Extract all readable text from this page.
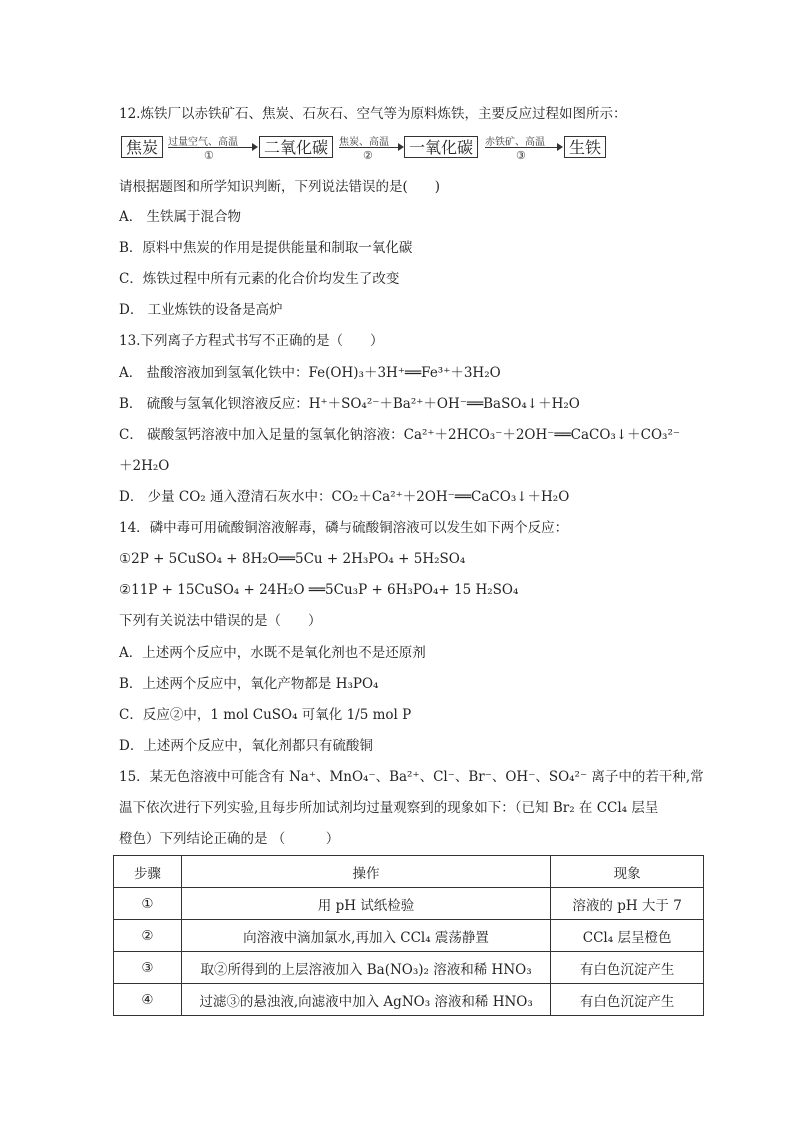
12.炼铁厂以赤铁矿石、焦炭、石灰石、空气等为原料炼铁，主要反应过程如图所示：
焦炭 过量空气、高温
①	二氧化碳	焦炭、高温
②	一氧化碳	赤铁矿、高温
③	生铁
请根据题图和所学知识判断，下列说法错误的是(　　)
A． 生铁属于混合物
B．原料中焦炭的作用是提供能量和制取一氧化碳
C．炼铁过程中所有元素的化合价均发生了改变
D． 工业炼铁的设备是高炉
13.下列离子方程式书写不正确的是（　　）
A． 盐酸溶液加到氢氧化铁中：Fe(OH)₃＋3H⁺══Fe³⁺＋3H₂O
B． 硫酸与氢氧化钡溶液反应：H⁺＋SO₄²⁻＋Ba²⁺＋OH⁻══BaSO₄↓＋H₂O
C． 碳酸氢钙溶液中加入足量的氢氧化钠溶液：Ca²⁺＋2HCO₃⁻＋2OH⁻══CaCO₃↓＋CO₃²⁻
＋2H₂O
D． 少量 CO₂ 通入澄清石灰水中：CO₂＋Ca²⁺＋2OH⁻══CaCO₃↓＋H₂O
14．磷中毒可用硫酸铜溶液解毒，磷与硫酸铜溶液可以发生如下两个反应：
①2P + 5CuSO₄ + 8H₂O══5Cu + 2H₃PO₄ + 5H₂SO₄
②11P + 15CuSO₄ + 24H₂O ══5Cu₃P + 6H₃PO₄+ 15 H₂SO₄
下列有关说法中错误的是（　　）
A．上述两个反应中，水既不是氧化剂也不是还原剂
B．上述两个反应中，氧化产物都是 H₃PO₄
C．反应②中，1 mol CuSO₄ 可氧化 1/5 mol P
D．上述两个反应中，氧化剂都只有硫酸铜
15．某无色溶液中可能含有 Na⁺、MnO₄⁻、Ba²⁺、Cl⁻、Br⁻、OH⁻、SO₄²⁻ 离子中的若干种,常
温下依次进行下列实验,且每步所加试剂均过量观察到的现象如下：（已知 Br₂ 在 CCl₄ 层呈
橙色）下列结论正确的是 （　　　）
步骤	操作	现象
①	用 pH 试纸检验	溶液的 pH 大于 7
②	向溶液中滴加氯水,再加入 CCl₄ 震荡静置	CCl₄ 层呈橙色
③	取②所得到的上层溶液加入 Ba(NO₃)₂ 溶液和稀 HNO₃	有白色沉淀产生
④	过滤③的悬浊液,向滤液中加入 AgNO₃ 溶液和稀 HNO₃	有白色沉淀产生
